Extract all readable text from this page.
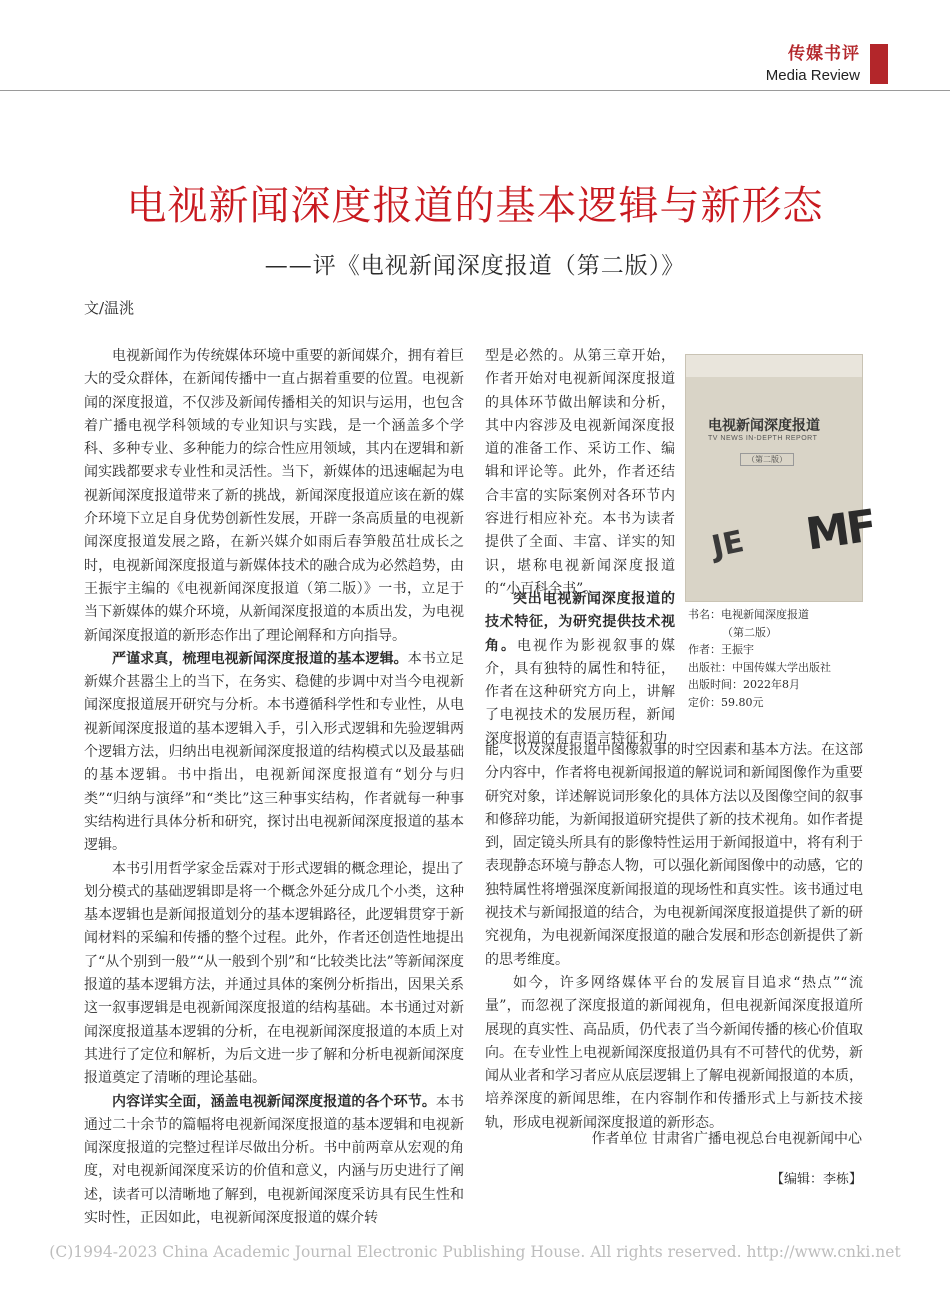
传媒书评
Media Review
电视新闻深度报道的基本逻辑与新形态
——评《电视新闻深度报道（第二版）》
文/温洮

电视新闻作为传统媒体环境中重要的新闻媒介，拥有着巨大的受众群体，在新闻传播中一直占据着重要的位置。电视新闻的深度报道，不仅涉及新闻传播相关的知识与运用，也包含着广播电视学科领域的专业知识与实践，是一个涵盖多个学科、多种专业、多种能力的综合性应用领域，其内在逻辑和新闻实践都要求专业性和灵活性。当下，新媒体的迅速崛起为电视新闻深度报道带来了新的挑战，新闻深度报道应该在新的媒介环境下立足自身优势创新性发展，开辟一条高质量的电视新闻深度报道发展之路，在新兴媒介如雨后春笋般茁壮成长之时，电视新闻深度报道与新媒体技术的融合成为必然趋势，由王振宇主编的《电视新闻深度报道（第二版）》一书，立足于当下新媒体的媒介环境，从新闻深度报道的本质出发，为电视新闻深度报道的新形态作出了理论阐释和方向指导。

严谨求真，梳理电视新闻深度报道的基本逻辑。本书立足新媒介甚嚣尘上的当下，在务实、稳健的步调中对当今电视新闻深度报道展开研究与分析。本书遵循科学性和专业性，从电视新闻深度报道的基本逻辑入手，引入形式逻辑和先验逻辑两个逻辑方法，归纳出电视新闻深度报道的结构模式以及最基础的基本逻辑。书中指出，电视新闻深度报道有“划分与归类”“归纳与演绎”和“类比”这三种事实结构，作者就每一种事实结构进行具体分析和研究，探讨出电视新闻深度报道的基本逻辑。

本书引用哲学家金岳霖对于形式逻辑的概念理论，提出了划分模式的基础逻辑即是将一个概念外延分成几个小类，这种基本逻辑也是新闻报道划分的基本逻辑路径，此逻辑贯穿于新闻材料的采编和传播的整个过程。此外，作者还创造性地提出了“从个别到一般”“从一般到个别”和“比较类比法”等新闻深度报道的基本逻辑方法，并通过具体的案例分析指出，因果关系这一叙事逻辑是电视新闻深度报道的结构基础。本书通过对新闻深度报道基本逻辑的分析，在电视新闻深度报道的本质上对其进行了定位和解析，为后文进一步了解和分析电视新闻深度报道奠定了清晰的理论基础。

内容详实全面，涵盖电视新闻深度报道的各个环节。本书通过二十余节的篇幅将电视新闻深度报道的基本逻辑和电视新闻深度报道的完整过程详尽做出分析。书中前两章从宏观的角度，对电视新闻深度采访的价值和意义，内涵与历史进行了阐述，读者可以清晰地了解到，电视新闻深度采访具有民生性和实时性，正因如此，电视新闻深度报道的媒介转

型是必然的。从第三章开始，作者开始对电视新闻深度报道的具体环节做出解读和分析，其中内容涉及电视新闻深度报道的准备工作、采访工作、编辑和评论等。此外，作者还结合丰富的实际案例对各环节内容进行相应补充。本书为读者提供了全面、丰富、详实的知识，堪称电视新闻深度报道的“小百科全书”。

电视新闻深度报道
TV NEWS IN-DEPTH REPORT
（第二版）
MF
JE
书名：电视新闻深度报道
（第二版）
作者：王振宇
出版社：中国传媒大学出版社
出版时间：2022年8月
定价：59.80元

突出电视新闻深度报道的技术特征，为研究提供技术视角。电视作为影视叙事的媒介，具有独特的属性和特征，作者在这种研究方向上，讲解了电视技术的发展历程，新闻深度报道的有声语言特征和功

能，以及深度报道中图像叙事的时空因素和基本方法。在这部分内容中，作者将电视新闻报道的解说词和新闻图像作为重要研究对象，详述解说词形象化的具体方法以及图像空间的叙事和修辞功能，为新闻报道研究提供了新的技术视角。如作者提到，固定镜头所具有的影像特性运用于新闻报道中，将有利于表现静态环境与静态人物，可以强化新闻图像中的动感，它的独特属性将增强深度新闻报道的现场性和真实性。该书通过电视技术与新闻报道的结合，为电视新闻深度报道提供了新的研究视角，为电视新闻深度报道的融合发展和形态创新提供了新的思考维度。

如今，许多网络媒体平台的发展盲目追求“热点”“流量”，而忽视了深度报道的新闻视角，但电视新闻深度报道所展现的真实性、高品质，仍代表了当今新闻传播的核心价值取向。在专业性上电视新闻深度报道仍具有不可替代的优势，新闻从业者和学习者应从底层逻辑上了解电视新闻报道的本质，培养深度的新闻思维，在内容制作和传播形式上与新技术接轨，形成电视新闻深度报道的新形态。

作者单位 甘肃省广播电视总台电视新闻中心
【编辑：李栋】
(C)1994-2023 China Academic Journal Electronic Publishing House. All rights reserved. http://www.cnki.net
